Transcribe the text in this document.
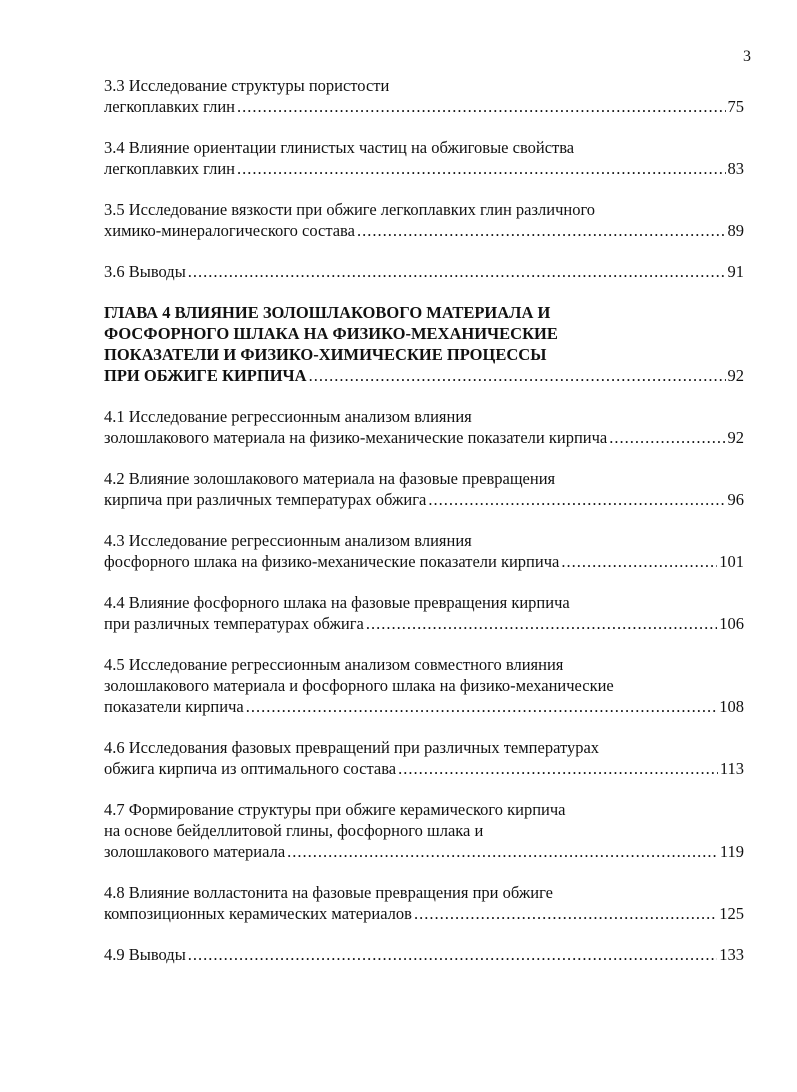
3
3.3 Исследование структуры пористости
легкоплавких глин .....	75
3.4 Влияние ориентации глинистых частиц на обжиговые свойства
легкоплавких глин .....	83
3.5 Исследование вязкости при обжиге легкоплавких глин различного
химико-минералогического состава .....	89
3.6 Выводы .....	91
ГЛАВА 4 ВЛИЯНИЕ ЗОЛОШЛАКОВОГО МАТЕРИАЛА И
ФОСФОРНОГО ШЛАКА НА ФИЗИКО-МЕХАНИЧЕСКИЕ
ПОКАЗАТЕЛИ И ФИЗИКО-ХИМИЧЕСКИЕ ПРОЦЕССЫ
ПРИ ОБЖИГЕ КИРПИЧА .....	92
4.1 Исследование регрессионным анализом влияния
золошлакового материала на физико-механические показатели кирпича .....	92
4.2 Влияние золошлакового материала на фазовые превращения
кирпича при различных температурах обжига .....	96
4.3 Исследование регрессионным анализом влияния
фосфорного шлака на физико-механические показатели кирпича .....	101
4.4 Влияние фосфорного шлака на фазовые превращения кирпича
при различных температурах обжига .....	106
4.5 Исследование регрессионным анализом совместного влияния
золошлакового материала и фосфорного шлака на физико-механические
показатели кирпича .....	108
4.6 Исследования фазовых превращений при различных температурах
обжига кирпича из оптимального состава .....	113
4.7 Формирование структуры при обжиге керамического кирпича
на основе бейделлитовой глины, фосфорного шлака и
золошлакового материала .....	119
4.8 Влияние волластонита на фазовые превращения при обжиге
композиционных керамических материалов .....	125
4.9 Выводы .....	133
